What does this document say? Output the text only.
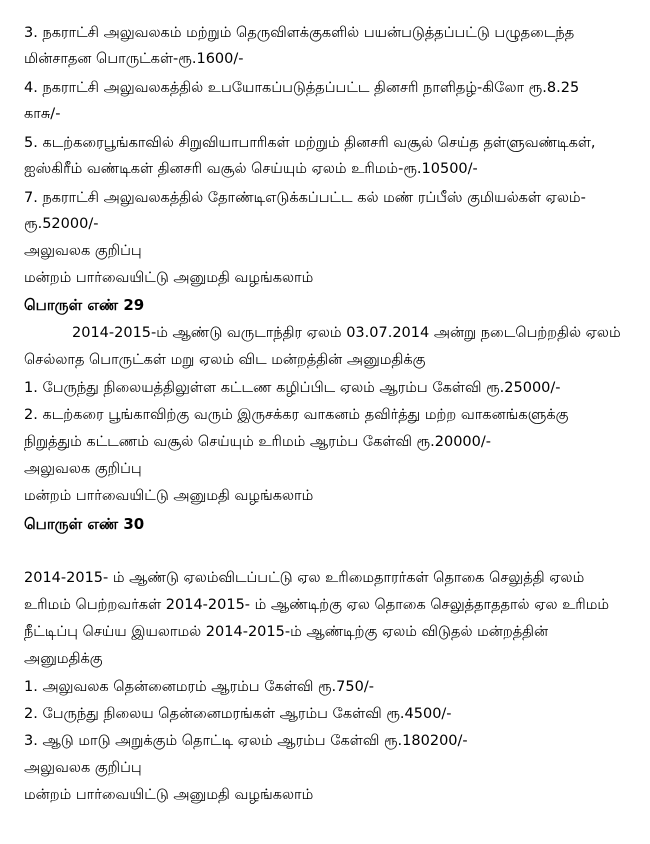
3. நகராட்சி அலுவலகம் மற்றும் தெருவிளக்குகளில் பயன்படுத்தப்பட்டு பழுதடைந்த
மின்சாதன பொருட்கள்-ரூ.1600/-
4. நகராட்சி அலுவலகத்தில் உபயோகப்படுத்தப்பட்ட தினசரி நாளிதழ்-கிலோ ரூ.8.25
காசு/-
5. கடற்கரைபூங்காவில் சிறுவியாபாரிகள் மற்றும் தினசரி வசூல் செய்த தள்ளுவண்டிகள்,
ஐஸ்கிரீம் வண்டிகள் தினசரி வசூல் செய்யும் ஏலம் உரிமம்-ரூ.10500/-
7. நகராட்சி அலுவலகத்தில் தோண்டிஎடுக்கப்பட்ட கல் மண் ரப்பீஸ் குமியல்கள் ஏலம்-
ரூ.52000/-
அலுவலக குறிப்பு
மன்றம் பார்வையிட்டு அனுமதி வழங்கலாம்
பொருள் எண் 29
2014-2015-ம் ஆண்டு வருடாந்திர ஏலம் 03.07.2014 அன்று நடைபெற்றதில் ஏலம்
செல்லாத பொருட்கள் மறு ஏலம் விட மன்றத்தின் அனுமதிக்கு
1. பேருந்து நிலையத்திலுள்ள கட்டண கழிப்பிட ஏலம் ஆரம்ப கேள்வி ரூ.25000/-
2. கடற்கரை பூங்காவிற்கு வரும் இருசக்கர வாகனம் தவிர்த்து மற்ற வாகனங்களுக்கு
நிறுத்தும் கட்டணம் வசூல் செய்யும் உரிமம் ஆரம்ப கேள்வி ரூ.20000/-
அலுவலக குறிப்பு
மன்றம் பார்வையிட்டு அனுமதி வழங்கலாம்
பொருள் எண் 30
2014-2015- ம் ஆண்டு ஏலம்விடப்பட்டு ஏல உரிமைதாரர்கள் தொகை செலுத்தி ஏலம்
உரிமம் பெற்றவர்கள் 2014-2015- ம் ஆண்டிற்கு ஏல தொகை செலுத்தாததால் ஏல உரிமம்
நீட்டிப்பு செய்ய இயலாமல் 2014-2015-ம் ஆண்டிற்கு ஏலம் விடுதல் மன்றத்தின்
அனுமதிக்கு
1. அலுவலக தென்னைமரம் ஆரம்ப கேள்வி ரூ.750/-
2. பேருந்து நிலைய தென்னைமரங்கள் ஆரம்ப கேள்வி ரூ.4500/-
3. ஆடு மாடு அறுக்கும் தொட்டி ஏலம் ஆரம்ப கேள்வி ரூ.180200/-
அலுவலக குறிப்பு
மன்றம் பார்வையிட்டு அனுமதி வழங்கலாம்
